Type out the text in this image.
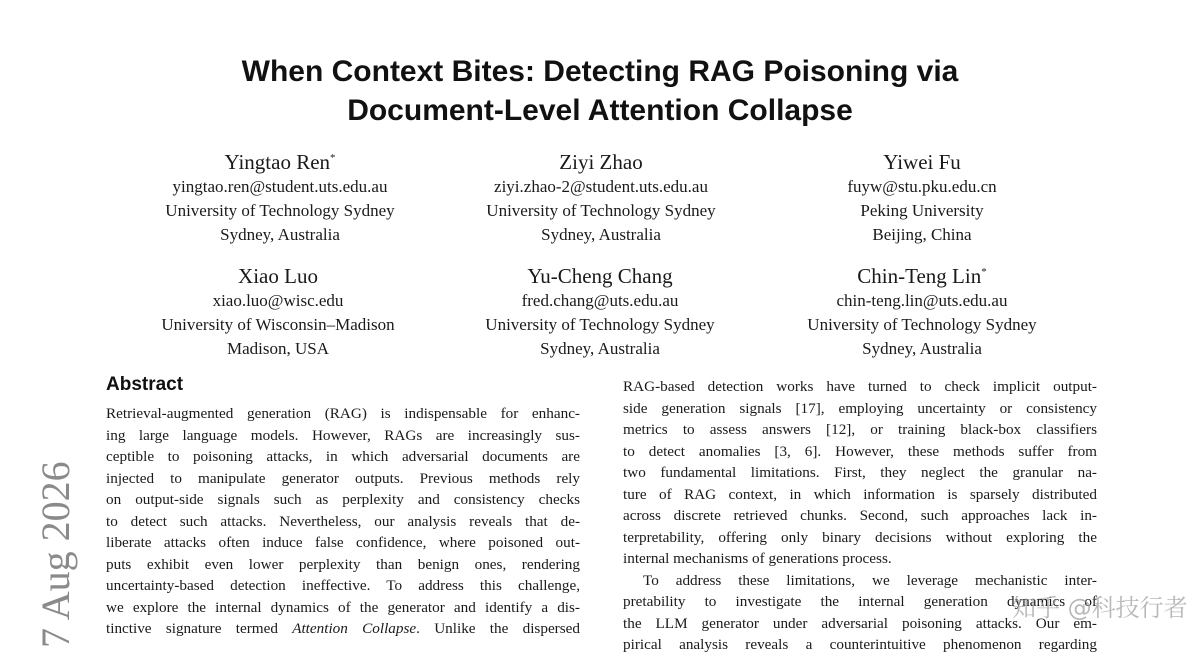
When Context Bites: Detecting RAG Poisoning via
Document-Level Attention Collapse
Yingtao Ren*
yingtao.ren@student.uts.edu.au
University of Technology Sydney
Sydney, Australia
Ziyi Zhao
ziyi.zhao-2@student.uts.edu.au
University of Technology Sydney
Sydney, Australia
Yiwei Fu
fuyw@stu.pku.edu.cn
Peking University
Beijing, China
Xiao Luo
xiao.luo@wisc.edu
University of Wisconsin–Madison
Madison, USA
Yu-Cheng Chang
fred.chang@uts.edu.au
University of Technology Sydney
Sydney, Australia
Chin-Teng Lin*
chin-teng.lin@uts.edu.au
University of Technology Sydney
Sydney, Australia
Abstract
Retrieval-augmented generation (RAG) is indispensable for enhanc-
ing large language models. However, RAGs are increasingly sus-
ceptible to poisoning attacks, in which adversarial documents are
injected to manipulate generator outputs. Previous methods rely
on output-side signals such as perplexity and consistency checks
to detect such attacks. Nevertheless, our analysis reveals that de-
liberate attacks often induce false confidence, where poisoned out-
puts exhibit even lower perplexity than benign ones, rendering
uncertainty-based detection ineffective. To address this challenge,
we explore the internal dynamics of the generator and identify a dis-
tinctive signature termed Attention Collapse. Unlike the dispersed
RAG-based detection works have turned to check implicit output-
side generation signals [17], employing uncertainty or consistency
metrics to assess answers [12], or training black-box classifiers
to detect anomalies [3, 6]. However, these methods suffer from
two fundamental limitations. First, they neglect the granular na-
ture of RAG context, in which information is sparsely distributed
across discrete retrieved chunks. Second, such approaches lack in-
terpretability, offering only binary decisions without exploring the
internal mechanisms of generations process.
To address these limitations, we leverage mechanistic inter-
pretability to investigate the internal generation dynamics of
the LLM generator under adversarial poisoning attacks. Our em-
pirical analysis reveals a counterintuitive phenomenon regarding
7 Aug 2026	知乎 @科技行者
